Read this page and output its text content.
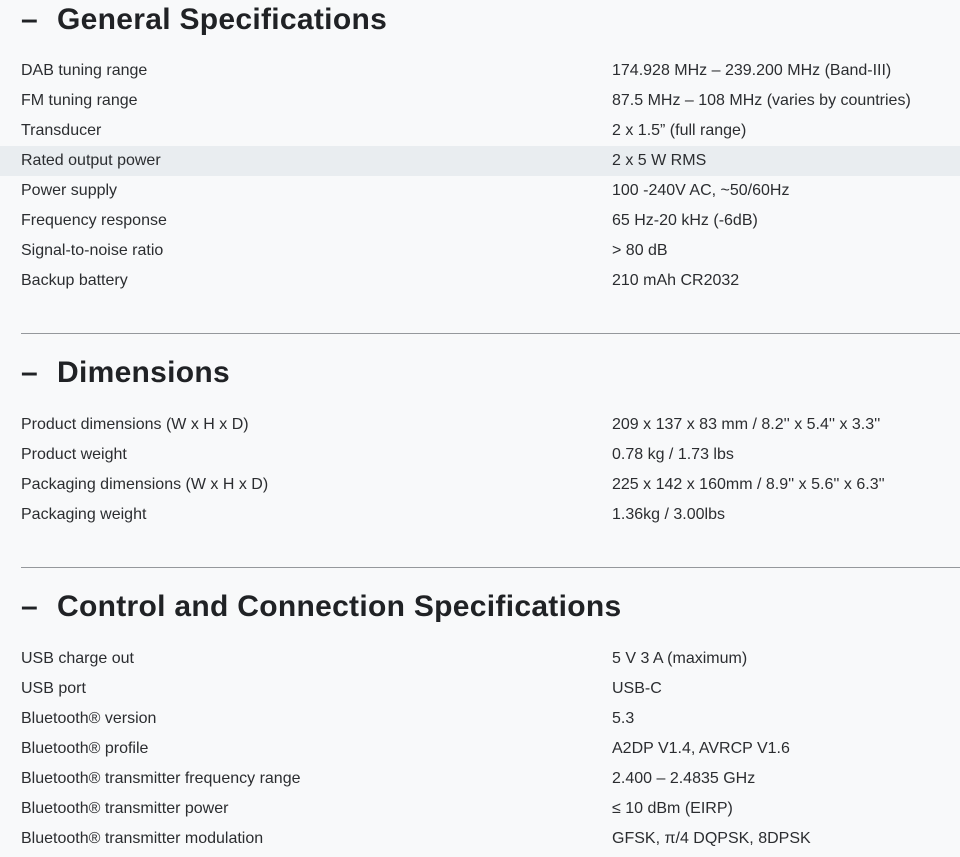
– General Specifications
DAB tuning range	174.928 MHz – 239.200 MHz (Band-III)
FM tuning range	87.5 MHz – 108 MHz (varies by countries)
Transducer	2 x 1.5” (full range)
Rated output power	2 x 5 W RMS
Power supply	100 -240V AC, ~50/60Hz
Frequency response	65 Hz-20 kHz (-6dB)
Signal-to-noise ratio	> 80 dB
Backup battery	210 mAh CR2032
– Dimensions
Product dimensions (W x H x D)	209 x 137 x 83 mm / 8.2'' x 5.4'' x 3.3''
Product weight	0.78 kg / 1.73 lbs
Packaging dimensions (W x H x D)	225 x 142 x 160mm / 8.9'' x 5.6'' x 6.3''
Packaging weight	1.36kg / 3.00lbs
– Control and Connection Specifications
USB charge out	5 V 3 A (maximum)
USB port	USB-C
Bluetooth® version	5.3
Bluetooth® profile	A2DP V1.4, AVRCP V1.6
Bluetooth® transmitter frequency range	2.400 – 2.4835 GHz
Bluetooth® transmitter power	≤ 10 dBm (EIRP)
Bluetooth® transmitter modulation	GFSK, π/4 DQPSK, 8DPSK
